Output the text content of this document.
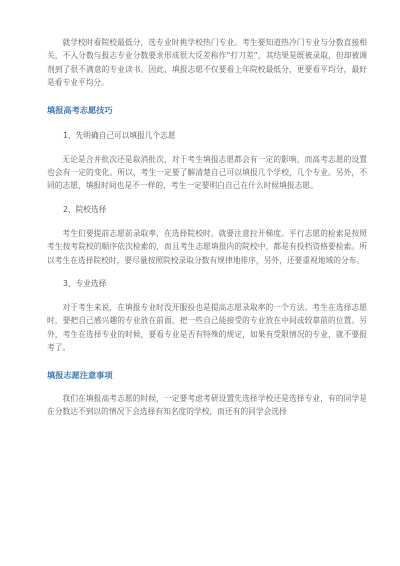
就学校时看院校最低分，选专业时挑学校热门专业。考生要知道热冷门专业与分数直接相关，不入分数与报志专业分数要求形成很大反差称作“打刀差”，其结果是既被录取，但却被调剂到了很不满意的专业读书。因此，填报志愿不仅要看上年院校最低分，更要看平均分，最好是看专业平均分。

填报高考志愿技巧

1、先明确自己可以填报几个志愿

无论是合并批次还是取消批次，对于考生填报志愿都会有一定的影响，而高考志愿的设置也会有一定的变化。所以，考生一定要了解清楚自己可以填报几个学校，几个专业。另外，不同的志愿，填报时间也是不一样的，考生一定要明白自己在什么时候填报志愿。

2、院校选择

考生们要提前志愿前录取率，在选择院校时，就要注意拉开梯度。平行志愿的检索是按照考生按考院校的顺序依次检索的，而且考生志愿填报内的院校中，都是有投档资格要检索。所以考生在选择院校时，要尽量按照院校录取分数有规律地排序，另外，还要重视地域的分布。

3、专业选择

对于考生来说，在填报专业时没开服投也是提高志愿录取率的一个方法。考生在选择志愿时，要把自己感兴趣的专业放在前面，把一些自己能接受的专业放在中间或较靠前的位置。另外，考生在选择专业的时候，要看专业是否有特殊的规定，如果有受限情况的专业，就不要报考了。

填报志愿注意事项

我们在填报高考志愿的时候，一定要考虑考研设置先选择学校还是选择专业，有的同学是在分数达不到以的情况下会选择有知名度的学校，而还有的同学会选择
